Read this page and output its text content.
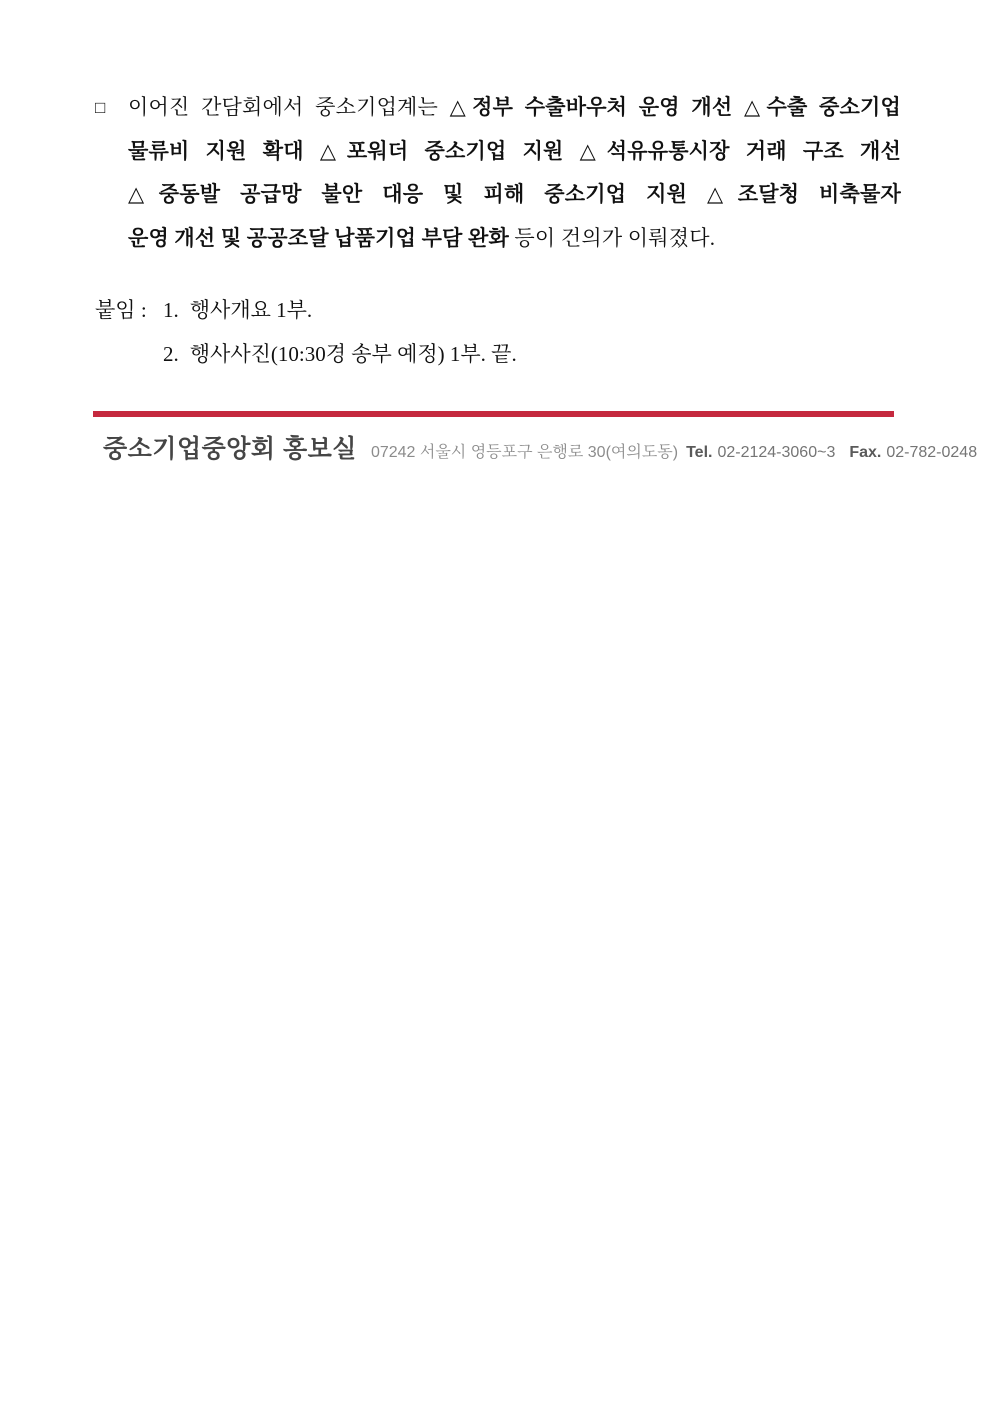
□	이어진 간담회에서 중소기업계는 △정부 수출바우처 운영 개선 △수출 중소기업
물류비 지원 확대 △포워더 중소기업 지원 △석유유통시장 거래 구조 개선
△중동발 공급망 불안 대응 및 피해 중소기업 지원 △조달청 비축물자
운영 개선 및 공공조달 납품기업 부담 완화 등이 건의가 이뤄졌다.
붙임 : 1. 행사개요 1부.
2. 행사사진(10:30경 송부 예정) 1부. 끝.
중소기업중앙회 홍보실 07242 서울시 영등포구 은행로 30(여의도동) Tel. 02-2124-3060~3 Fax. 02-782-0248
